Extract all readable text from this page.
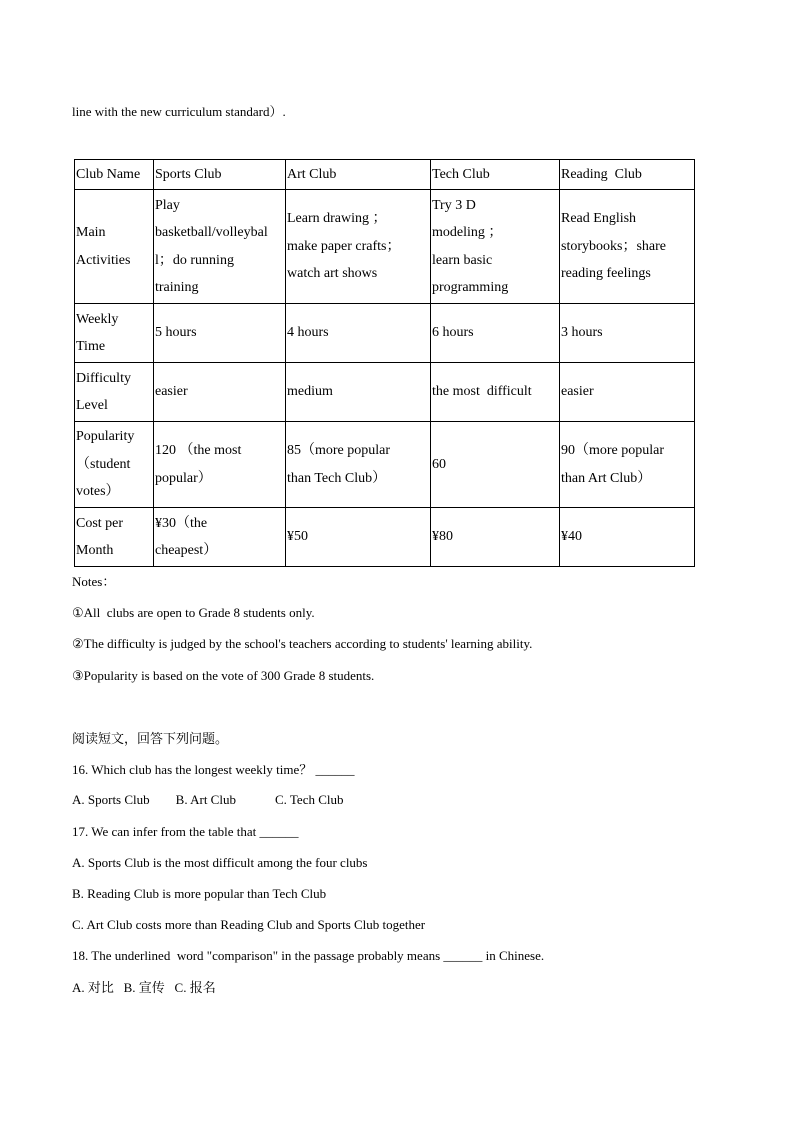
line with the new curriculum standard）.
Club Name	Sports Club	Art Club	Tech Club	Reading  Club

Main
Activities	Play
basketball/volleybal
l；do running
training	Learn drawing ；
make paper crafts；
watch art shows	Try 3 D
modeling ；
learn basic
programming	Read English
storybooks；share
reading feelings

Weekly
Time	5 hours	4 hours	6 hours	3 hours

Difficulty
Level	easier	medium	the most  difficult	easier

Popularity
（student
votes）	120 （the most
popular）	85（more popular
than Tech Club）	60	90（more popular
than Art Club）

Cost per
Month	¥30（the
cheapest）	¥50	¥80	¥40
Notes：
①All  clubs are open to Grade 8 students only.
②The difficulty is judged by the school's teachers according to students' learning ability.
③Popularity is based on the vote of 300 Grade 8 students.
阅读短文，回答下列问题。
16. Which club has the longest weekly time？ ______
A. Sports Club        B. Art Club            C. Tech Club
17. We can infer from the table that ______
A. Sports Club is the most difficult among the four clubs
B. Reading Club is more popular than Tech Club
C. Art Club costs more than Reading Club and Sports Club together
18. The underlined  word "comparison" in the passage probably means ______ in Chinese.
A. 对比   B. 宣传   C. 报名
